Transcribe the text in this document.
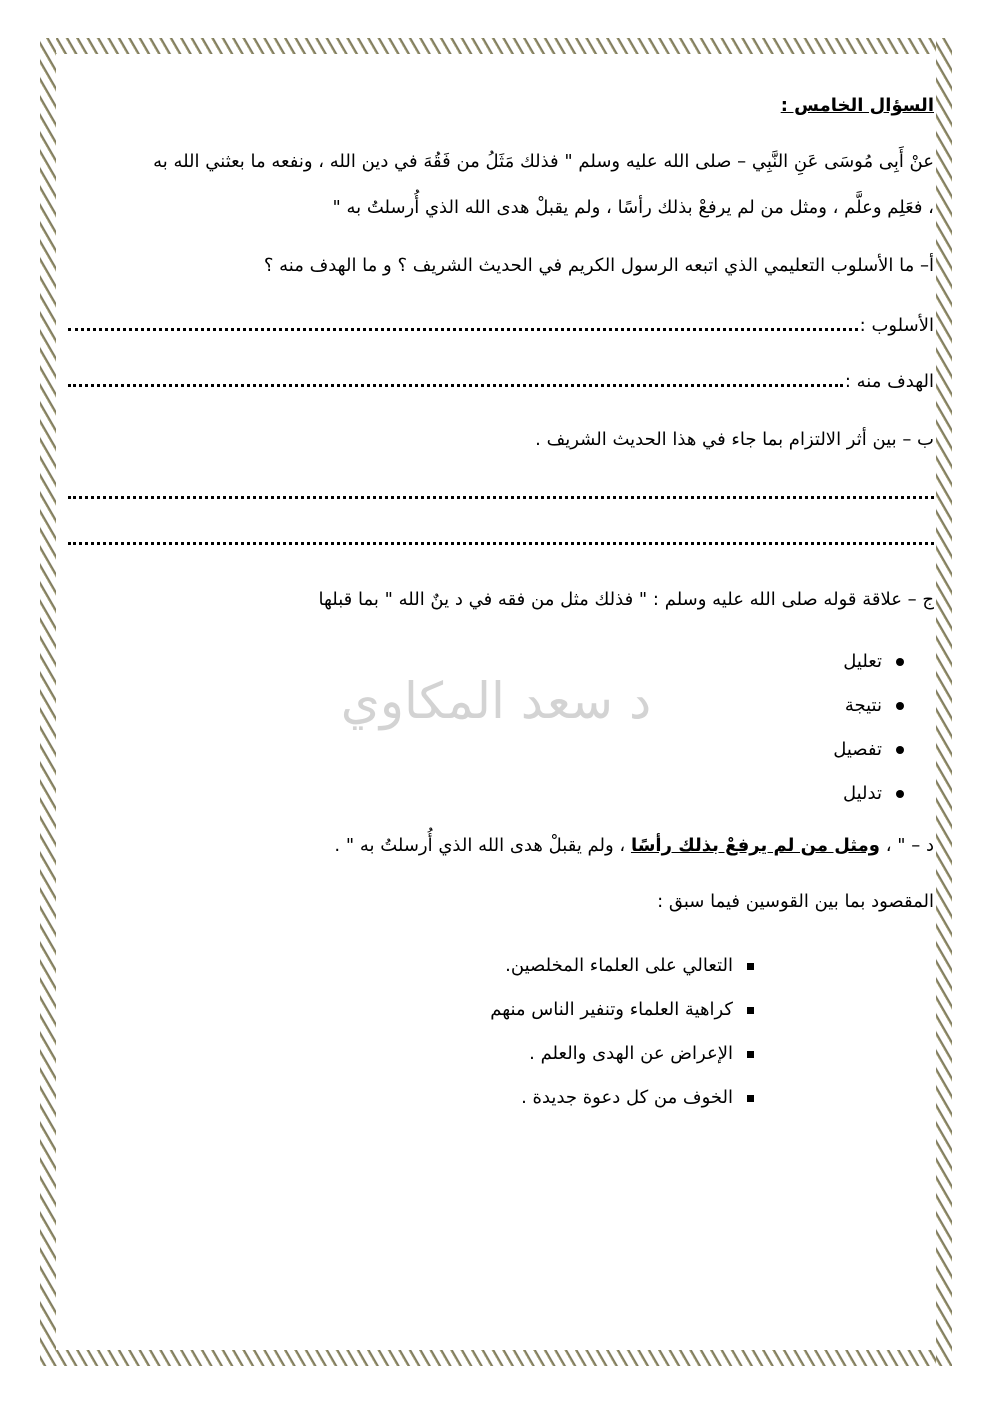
د سعد المكاوي
السؤال الخامس :
عنْ أَبِى مُوسَى عَنِ النَّبِي – صلى الله عليه وسلم " فذلك مَثَلُ من فَقُهَ في دين الله ، ونفعه ما بعثني الله به
، فعَلِم وعلَّم ، ومثل من لم يرفعْ بذلك رأسًا ، ولم يقبلْ هدى الله الذي أُرسلتُ به "
أ– ما الأسلوب التعليمي الذي اتبعه الرسول الكريم في الحديث الشريف ؟ و ما الهدف منه ؟
الأسلوب :
الهدف منه :
ب – بين أثر الالتزام بما جاء في هذا الحديث الشريف .
ج – علاقة قوله صلى الله عليه وسلم : " فذلك مثل من فقه في د ينٌ الله " بما قبلها
تعليل
نتيجة
تفصيل
تدليل
د – " ، ومثل من لم يرفعْ بذلك رأسًا ، ولم يقبلْ هدى الله الذي أُرسلتُ به " .
المقصود بما بين القوسين فيما سبق :
التعالي على العلماء المخلصين.
كراهية العلماء وتنفير الناس منهم
الإعراض عن الهدى والعلم .
الخوف من كل دعوة جديدة .
